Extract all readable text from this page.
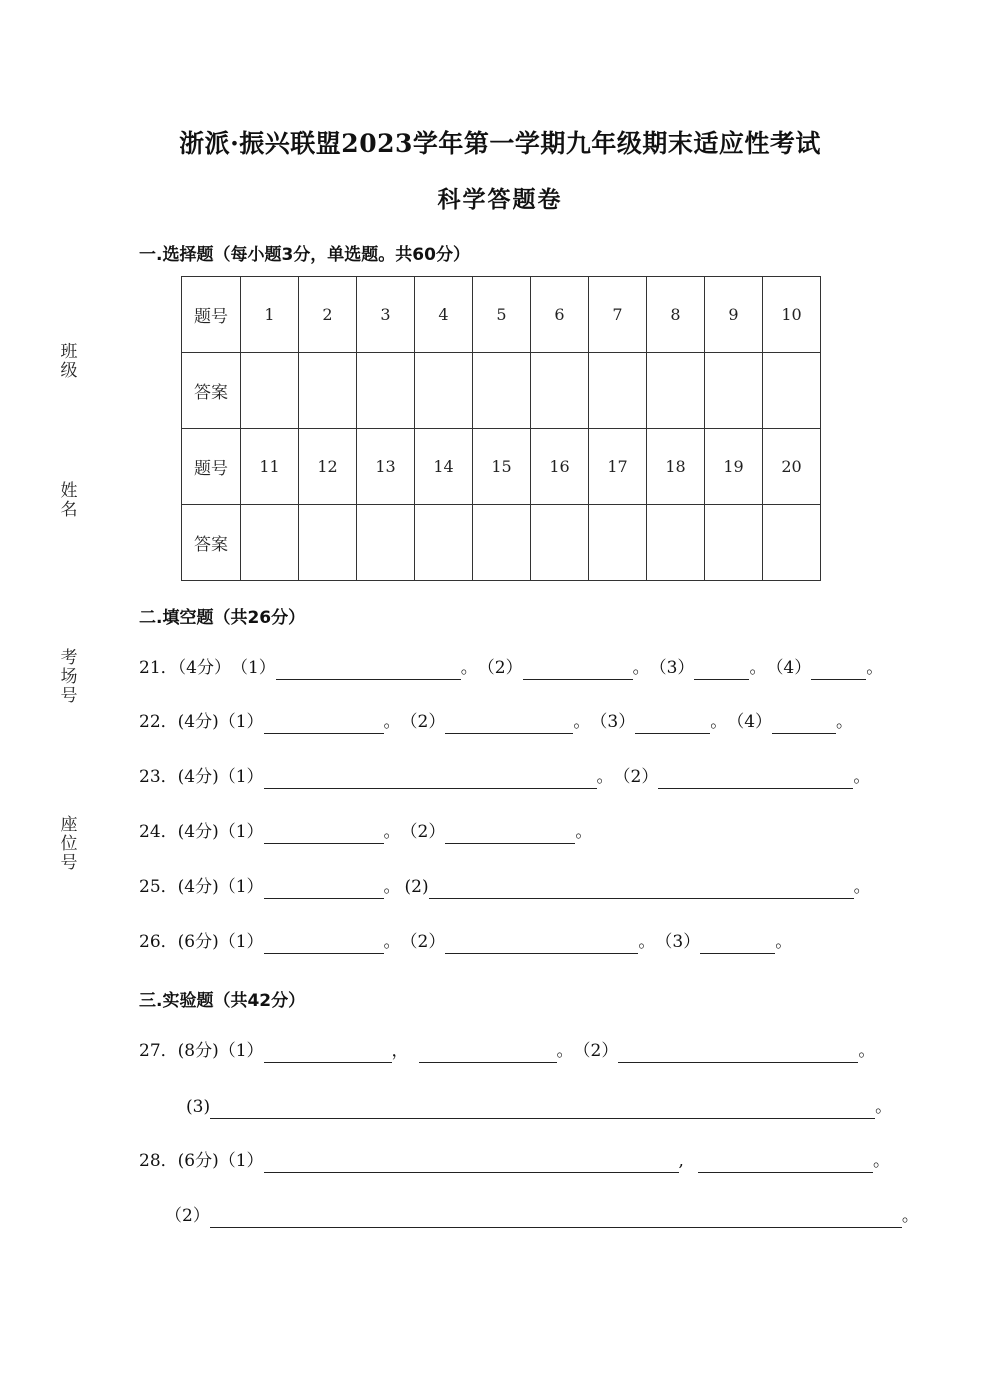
浙派·振兴联盟2023学年第一学期九年级期末适应性考试
科学答题卷
班级
姓名
考场号
座位号
一.选择题（每小题3分，单选题。共60分）
题号	1	2	3	4	5	6	7	8	9	10
答案										
题号	11	12	13	14	15	16	17	18	19	20
答案										
二.填空题（共26分）
21．（4分）（1）	。（2）	。（3）	。（4）	。
22．(4分)（1）	。（2）	。（3）	。（4）	。
23．(4分)（1）	。（2）	。
24．(4分)（1）	。（2）	。
25．(4分)（1）	。 (2)	。
26．(6分)（1）	。（2）	。（3）	。
三.实验题（共42分）
27．(8分)（1）	，	。（2）	。
(3)	。
28．(6分)（1）	,	。
（2）	。
